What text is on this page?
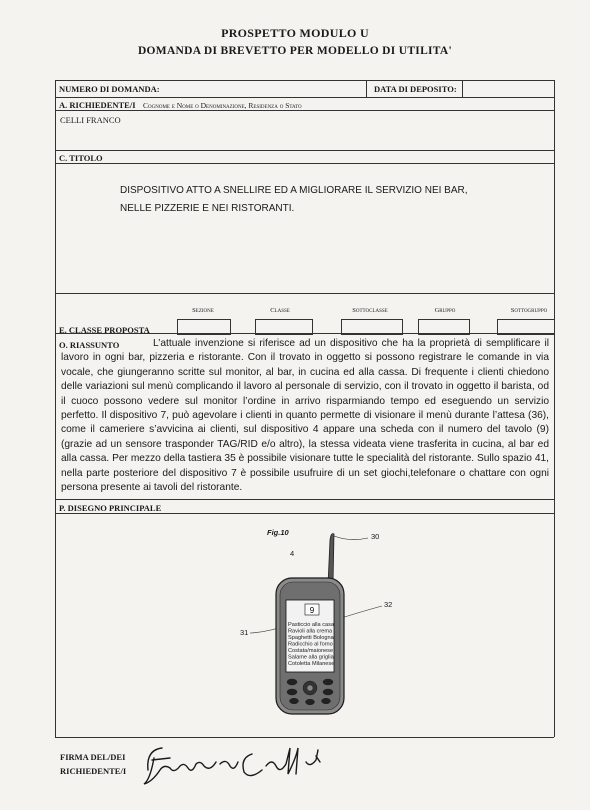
PROSPETTO MODULO U
DOMANDA DI BREVETTO PER MODELLO DI UTILITA'
NUMERO DI DOMANDA:	DATA DI DEPOSITO:
A. RICHIEDENTE/I Cognome e Nome o Denominazione, Residenza o Stato
CELLI FRANCO
C. TITOLO
DISPOSITIVO ATTO A SNELLIRE ED A MIGLIORARE IL SERVIZIO NEI BAR,
NELLE PIZZERIE E NEI RISTORANTI.
Sezione	Classe	Sottoclasse	Gruppo	Sottogruppo
E. CLASSE PROPOSTA
O. RIASSUNTO	L’attuale invenzione si riferisce ad un dispositivo che ha la proprietà di semplificare il lavoro in ogni bar, pizzeria e ristorante. Con il trovato in oggetto si possono registrare le comande in via vocale, che giungeranno scritte sul monitor, al bar, in cucina ed alla cassa. Di frequente i clienti chiedono delle variazioni sul menù complicando il lavoro al personale di servizio, con il trovato in oggetto il barista, od il cuoco possono vedere sul monitor l’ordine in arrivo risparmiando tempo ed eseguendo un servizio perfetto. Il dispositivo 7, può agevolare i clienti in quanto permette di visionare il menù durante l’attesa (36), come il cameriere s’avvicina ai clienti, sul dispositivo 4 appare una scheda con il numero del tavolo (9) (grazie ad un sensore trasponder TAG/RID e/o altro), la stessa videata viene trasferita in cucina, al bar ed alla cassa. Per mezzo della tastiera 35 è possibile visionare tutte le specialità del ristorante. Sullo spazio 41, nella parte posteriore del dispositivo 7 è possibile usufruire di un set giochi,telefonare o chattare con ogni persona presente ai tavoli del ristorante.

P. DISEGNO PRINCIPALE
Fig.10
4
30
32
31
9
Pasticcio alla casa
Ravioli alla crema
Spaghetti Bologna
Radicchio al forno
Costata/maionese
Salame alla griglia
Cotoletta Milanese
FIRMA DEL/DEI
RICHIEDENTE/I
